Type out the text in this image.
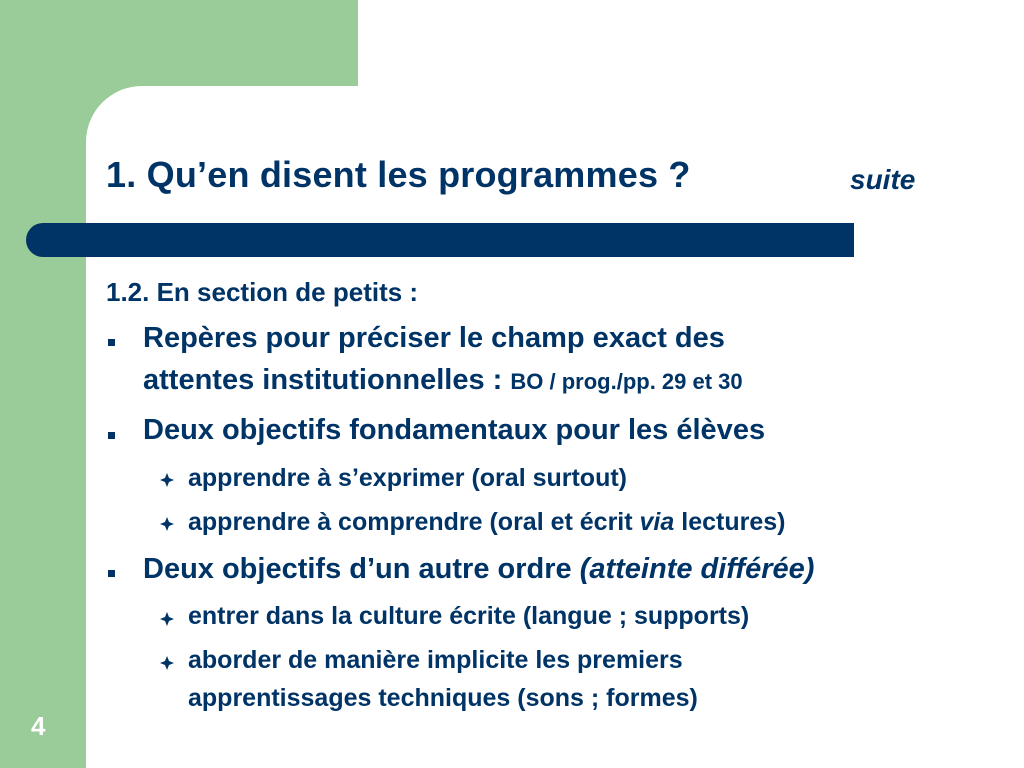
1. Qu’en disent les programmes ?	suite
1.2. En section de petits :
Repères pour préciser le champ exact des
attentes institutionnelles : BO / prog./pp. 29 et 30
Deux objectifs fondamentaux pour les élèves
apprendre à s’exprimer (oral surtout)
apprendre à comprendre (oral et écrit via lectures)
Deux objectifs d’un autre ordre (atteinte différée)
entrer dans la culture écrite (langue ; supports)
aborder de manière implicite les premiers
apprentissages techniques (sons ; formes)
4
